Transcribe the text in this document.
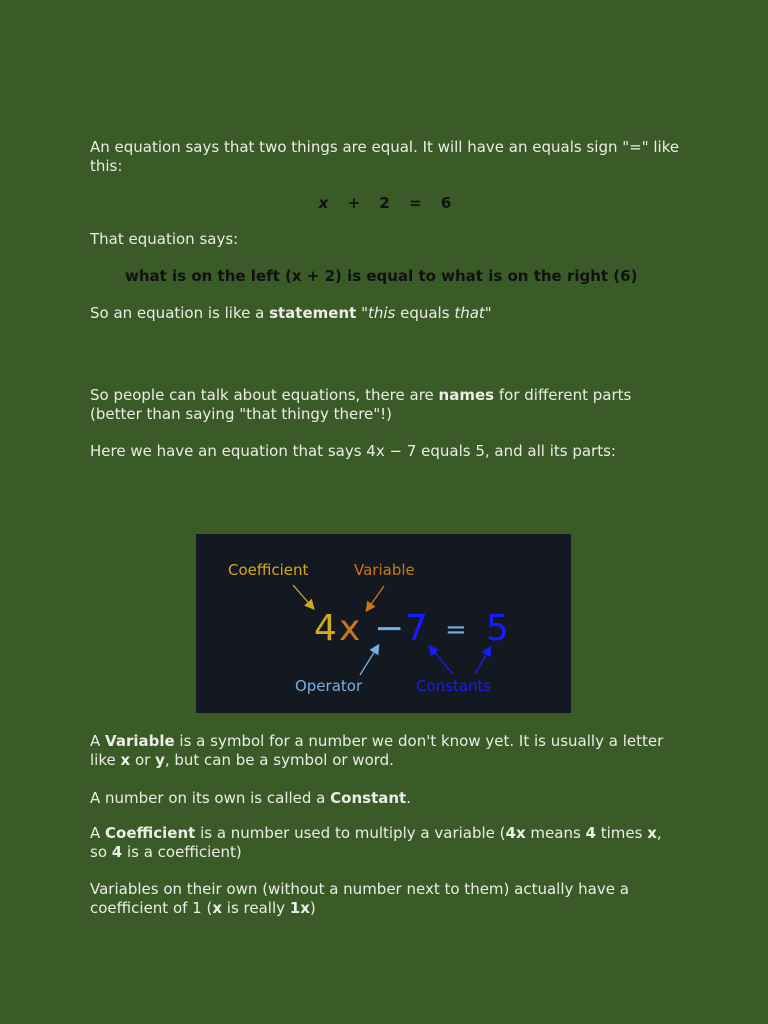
An equation says that two things are equal. It will have an equals sign "=" like this:

x + 2 = 6

That equation says:

what is on the left (x + 2) is equal to what is on the right (6)

So an equation is like a statement "this equals that"

So people can talk about equations, there are names for different parts (better than saying "that thingy there"!)

Here we have an equation that says 4x − 7 equals 5, and all its parts:

Coefficient	Variable
Operator	Constants
4 x − 7 = 5

A Variable is a symbol for a number we don't know yet. It is usually a letter like x or y, but can be a symbol or word.

A number on its own is called a Constant.

A Coefficient is a number used to multiply a variable (4x means 4 times x, so 4 is a coefficient)

Variables on their own (without a number next to them) actually have a coefficient of 1 (x is really 1x)
